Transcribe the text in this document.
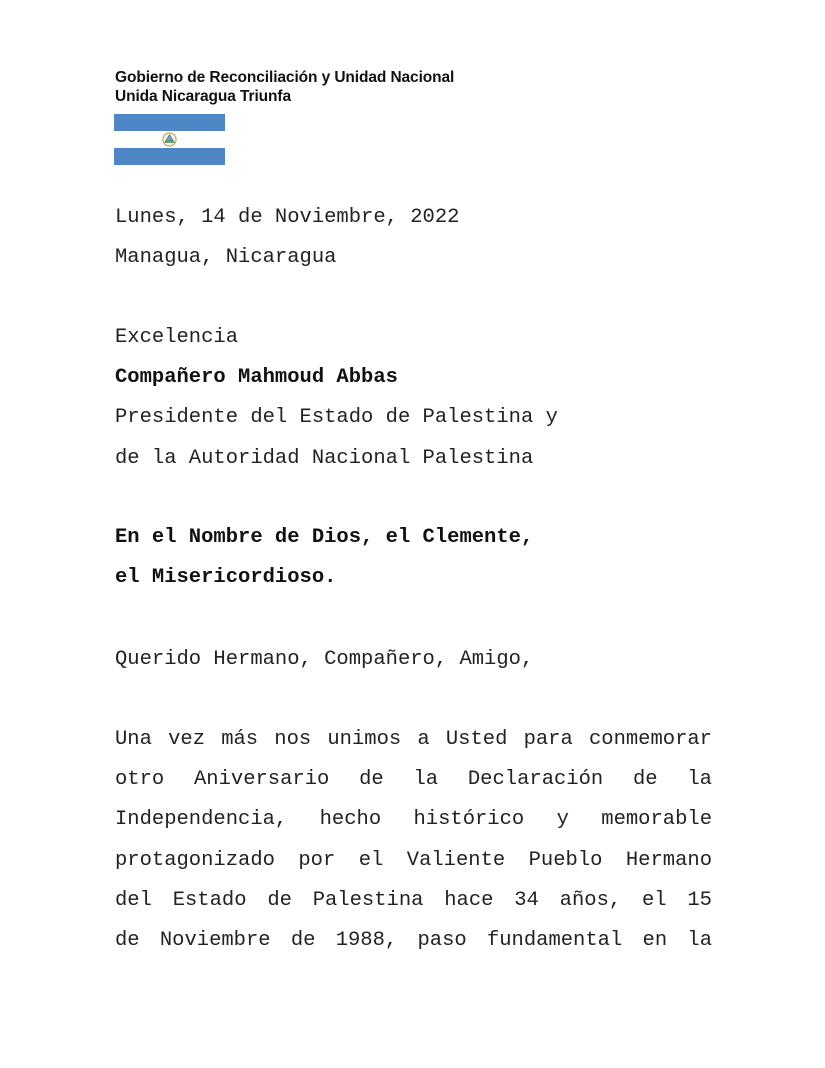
Gobierno de Reconciliación y Unidad Nacional
Unida Nicaragua Triunfa
Lunes, 14 de Noviembre, 2022
Managua, Nicaragua
Excelencia
Compañero Mahmoud Abbas
Presidente del Estado de Palestina y
de la Autoridad Nacional Palestina
En el Nombre de Dios, el Clemente,
el Misericordioso.
Querido Hermano, Compañero, Amigo,
Una vez más nos unimos a Usted para conmemorar
otro Aniversario de la Declaración de la
Independencia, hecho histórico y memorable
protagonizado por el Valiente Pueblo Hermano
del Estado de Palestina hace 34 años, el 15
de Noviembre de 1988, paso fundamental en la
